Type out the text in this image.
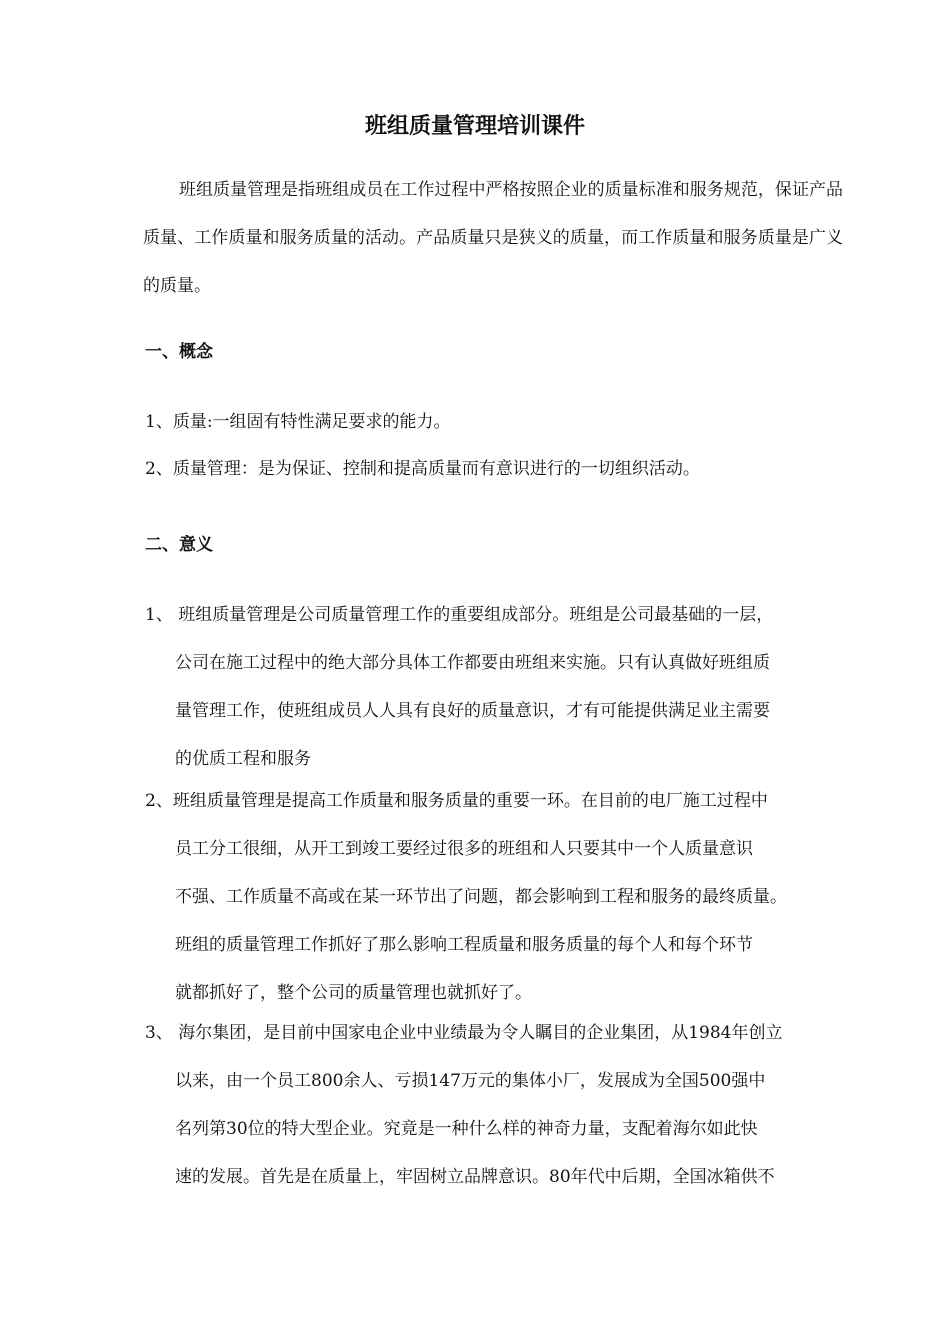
班组质量管理培训课件

班组质量管理是指班组成员在工作过程中严格按照企业的质量标准和服务规范，保证产品质量、工作质量和服务质量的活动。产品质量只是狭义的质量，而工作质量和服务质量是广义的质量。

一、概念

1、质量:一组固有特性满足要求的能力。

2、质量管理：是为保证、控制和提高质量而有意识进行的一切组织活动。

二、意义
1、 班组质量管理是公司质量管理工作的重要组成部分。班组是公司最基础的一层，
公司在施工过程中的绝大部分具体工作都要由班组来实施。只有认真做好班组质
量管理工作，使班组成员人人具有良好的质量意识，才有可能提供满足业主需要
的优质工程和服务
2、班组质量管理是提高工作质量和服务质量的重要一环。在目前的电厂施工过程中
员工分工很细，从开工到竣工要经过很多的班组和人只要其中一个人质量意识
不强、工作质量不高或在某一环节出了问题，都会影响到工程和服务的最终质量。
班组的质量管理工作抓好了那么影响工程质量和服务质量的每个人和每个环节
就都抓好了，整个公司的质量管理也就抓好了。
3、 海尔集团，是目前中国家电企业中业绩最为令人瞩目的企业集团，从1984年创立
以来，由一个员工800余人、亏损147万元的集体小厂，发展成为全国500强中
名列第30位的特大型企业。究竟是一种什么样的神奇力量，支配着海尔如此快
速的发展。首先是在质量上，牢固树立品牌意识。80年代中后期，全国冰箱供不
